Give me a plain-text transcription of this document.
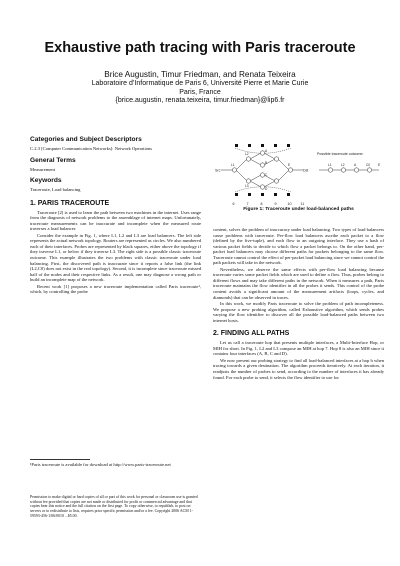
Exhaustive path tracing with Paris traceroute
Brice Augustin, Timur Friedman, and Renata Teixeira
Laboratoire d’Informatique de Paris 6, Université Pierre et Marie Curie
Paris, France
{brice.augustin, renata.teixeira, timur.friedman}@lip6.fr
Categories and Subject Descriptors
C.2.3 [Computer Communication Networks]: Network Operations
General Terms
Measurement
Keywords
Traceroute, Load balancing
1. PARIS TRACEROUTE
Traceroute [2] is used to learn the path between two machines in the internet. Uses range from the diagnosis of network problems to the assemblage of internet maps. Unfortunately, traceroute measurements can be inaccurate and incomplete when the measured route traverses a load balancer.
Consider the example in Fig. 1, where L1, L2 and L3 are load balancers. The left side represents the actual network topology. Routers are represented as circles. We also numbered each of their interfaces. Probes are represented by black squares, either above the topology if they traverse L1, or below if they traverse L3. The right side is a possible classic traceroute outcome. This example illustrates the two problems with classic traceroute under load balancing. First, the discovered path is inaccurate since it reports a false link (the link (L2,C0) does not exist in the real topology). Second, it is incomplete since traceroute missed half of the nodes and their respective links. As a result, one may diagnose a wrong path or build an incomplete map of the network.
Recent work [1] proposes a new traceroute implementation called Paris traceroute¹, which, by controlling the probe
¹Paris traceroute is available for download at http://www.paris-traceroute.net
Permission to make digital or hard copies of all or part of this work for personal or classroom use is granted without fee provided that copies are not made or distributed for profit or commercial advantage and that copies bear this notice and the full citation on the first page. To copy otherwise, to republish, to post on servers or to redistribute to lists, requires prior specific permission and/or a fee. Copyright 2006 ACM 1-59593-456-1/06/0010 ...$5.00.
Src	Dst
Possible traceroute outcome:
6	7	8	9	10	11
L1
L2
L3
A
B
C
D
E	L1	L2	A	C0 E
Figure 1: Traceroute under load-balanced paths
content, solves the problem of inaccuracy under load balancing. Two types of load balancers cause problems with traceroute. Per-flow load balancers ascribe each packet to a flow (defined by the five-tuple), and each flow to an outgoing interface. They use a hash of various packet fields to decide to which flow a packet belongs to. On the other hand, per-packet load balancers may choose different paths for packets belonging to the same flow. Traceroute cannot control the effect of per-packet load balancing since we cannot control the path packets will take in the network.
Nevertheless, we observe the same effects with per-flow load balancing because traceroute varies some packet fields which are used to define a flow. Thus, probes belong to different flows and may take different paths in the network. When it measures a path, Paris traceroute maintains the flow identifier in all the probes it sends. This control of the probe content avoids a significant amount of the measurement artifacts (loops, cycles, and diamonds) that can be observed in traces.
In this work, we modify Paris traceroute to solve the problem of path incompleteness. We propose a new probing algorithm, called Exhaustive algorithm, which sends probes varying the flow identifier to discover all the possible load-balanced paths between two internet hosts.
2. FINDING ALL PATHS
Let us call a traceroute hop that presents multiple interfaces, a Multi-Interface Hop, or MIH for short. In Fig. 1, L2 and L3 compose an MIH at hop 7. Hop 8 is also an MIH since it contains four interfaces (A, B, C and D).
We now present our probing strategy to find all load-balanced interfaces at a hop h when tracing towards a given destination. The algorithm proceeds iteratively. At each iteration, it readjusts the number of probes to send, according to the number of interfaces it has already found. For each probe to send, it selects the flow identifier to use for
